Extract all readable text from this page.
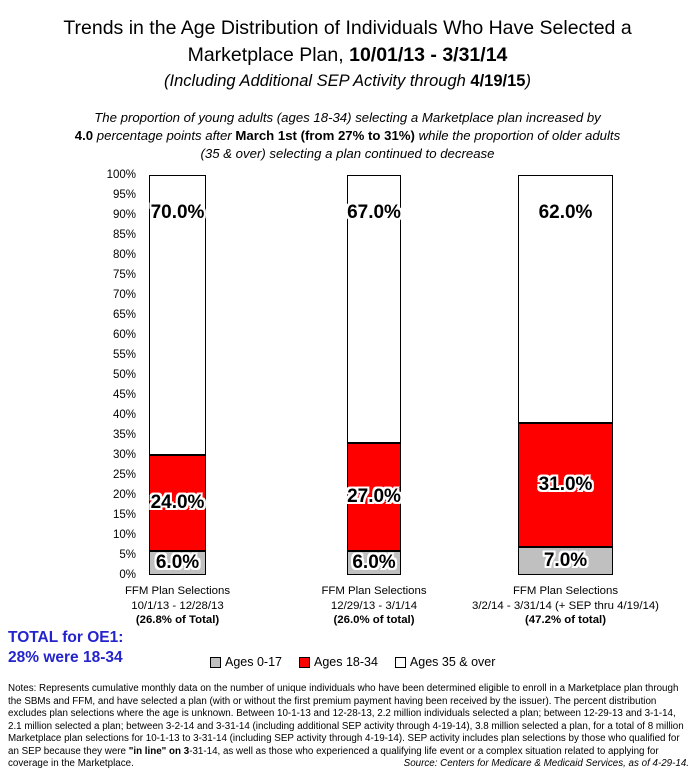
Trends in the Age Distribution of Individuals Who Have Selected a
Marketplace Plan, 10/01/13 - 3/31/14
(Including Additional SEP Activity through 4/19/15)
The proportion of young adults (ages 18-34) selecting a Marketplace plan increased by
4.0 percentage points after March 1st (from 27% to 31%) while the proportion of older adults
(35 & over) selecting a plan continued to decrease
100%
95%
90%
85%
80%
75%
70%
65%
60%
55%
50%
45%
40%
35%
30%
25%
20%
15%
10%
5%
0%
6.0%
24.0%
70.0%
FFM Plan Selections
10/1/13 - 12/28/13
(26.8% of Total)
6.0%
27.0%
67.0%
FFM Plan Selections
12/29/13 - 3/1/14
(26.0% of total)
7.0%
31.0%
62.0%
FFM Plan Selections
3/2/14 - 3/31/14 (+ SEP thru 4/19/14)
(47.2% of total)
TOTAL for OE1:
28% were 18-34	Ages 0-17	Ages 18-34	Ages 35 & over

Notes: Represents cumulative monthly data on the number of unique individuals who have been determined eligible to enroll in a Marketplace plan through the SBMs and FFM, and have selected a plan (with or without the first premium payment having been received by the issuer). The percent distribution excludes plan selections where the age is unknown. Between 10-1-13 and 12-28-13, 2.2 million individuals selected a plan; between 12-29-13 and 3-1-14, 2.1 million selected a plan; between 3-2-14 and 3-31-14 (including additional SEP activity through 4-19-14), 3.8 million selected a plan, for a total of 8 million Marketplace plan selections for 10-1-13 to 3-31-14 (including SEP activity through 4-19-14). SEP activity includes plan selections by those who qualified for an SEP because they were "in line" on 3-31-14, as well as those who experienced a qualifying life event or a complex situation related to applying for coverage in the Marketplace.	Source: Centers for Medicare & Medicaid Services, as of 4-29-14.
